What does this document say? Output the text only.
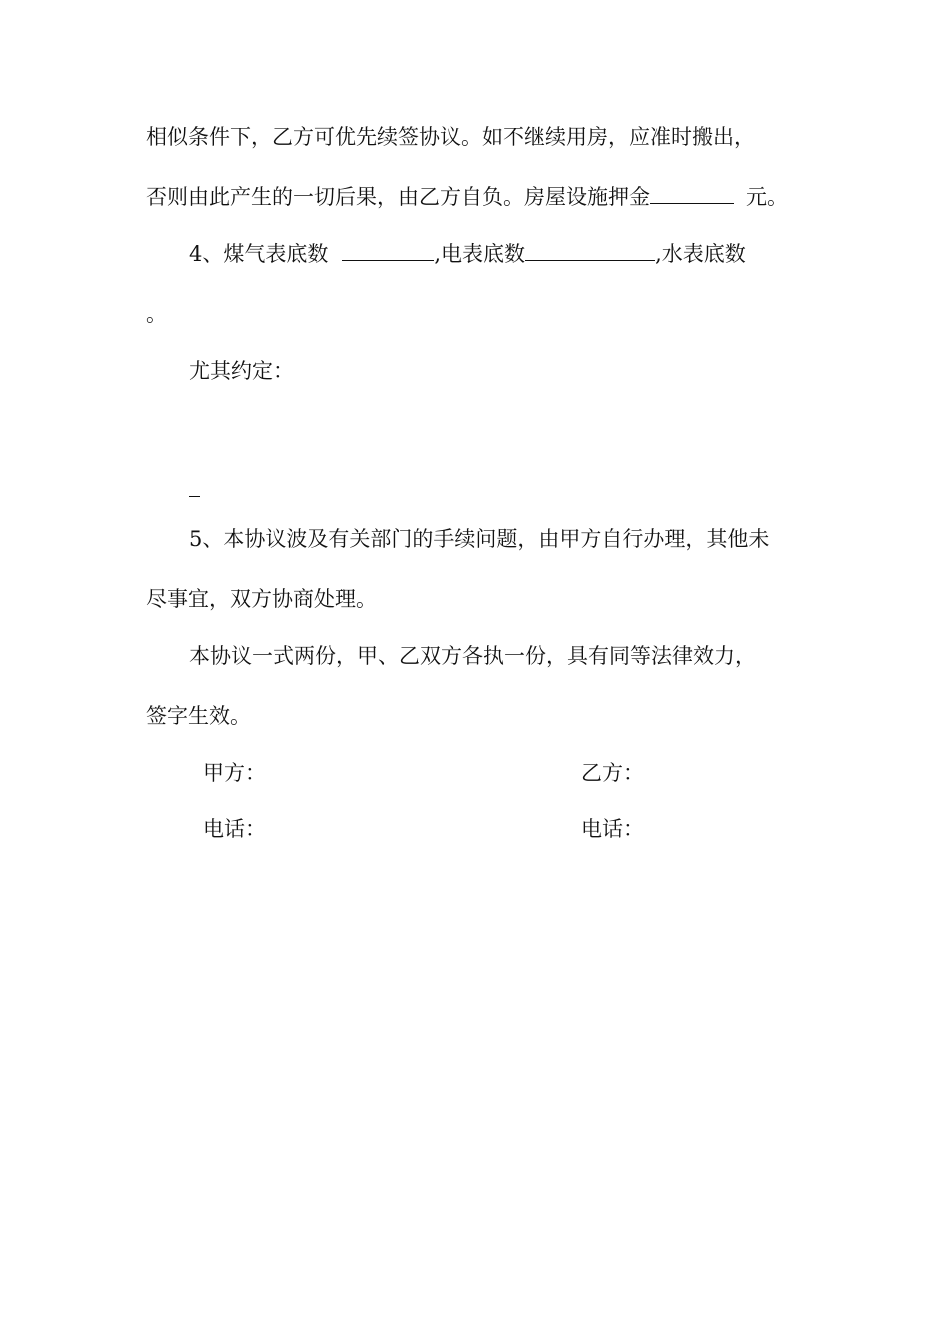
相似条件下，乙方可优先续签协议。如不继续用房，应准时搬出，
否则由此产生的一切后果，由乙方自负。房屋设施押金	元。
4、煤气表底数	,电表底数	,水表底数
。
尤其约定：
5、本协议波及有关部门的手续问题，由甲方自行办理，其他未
尽事宜，双方协商处理。
本协议一式两份，甲、乙双方各执一份，具有同等法律效力，
签字生效。
甲方：	乙方：
电话：	电话：
